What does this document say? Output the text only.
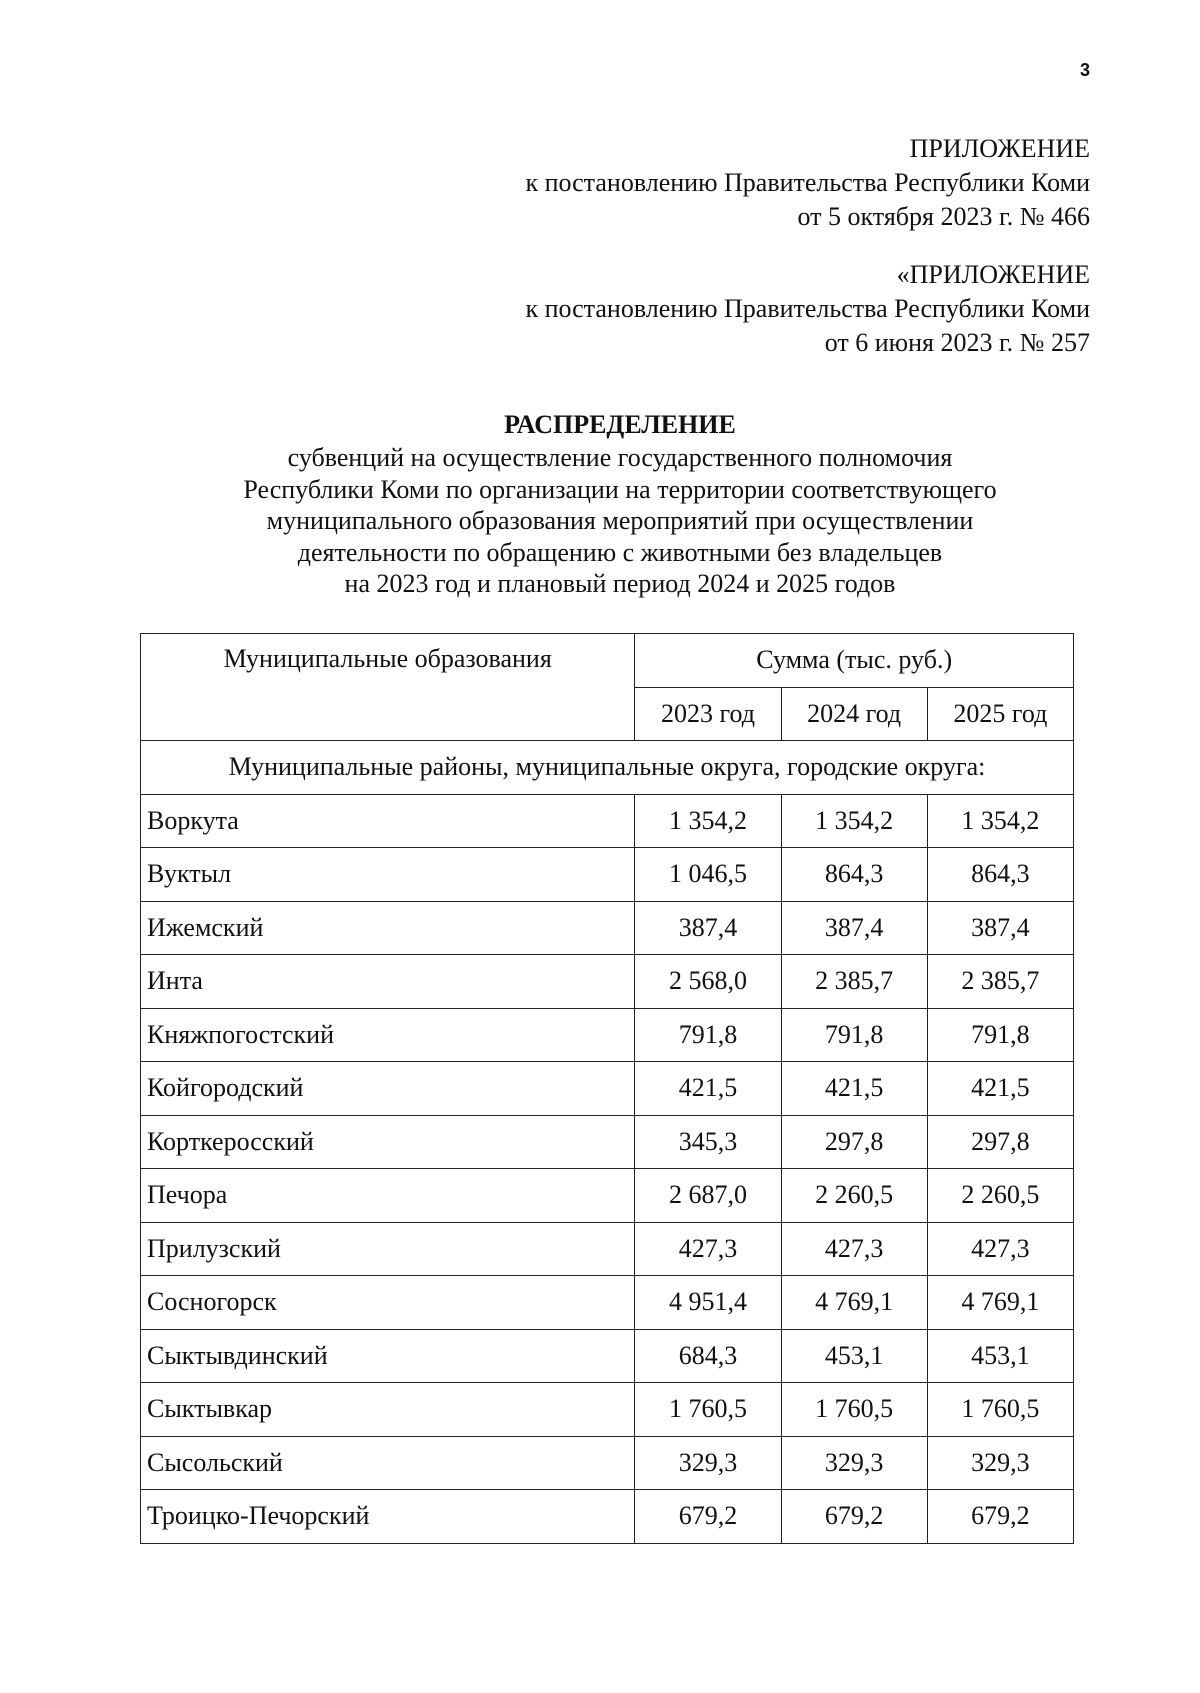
3
ПРИЛОЖЕНИЕ
к постановлению Правительства Республики Коми
от 5 октября 2023 г. № 466
«ПРИЛОЖЕНИЕ
к постановлению Правительства Республики Коми
от 6 июня 2023 г. № 257
РАСПРЕДЕЛЕНИЕ
субвенций на осуществление государственного полномочия
Республики Коми по организации на территории соответствующего
муниципального образования мероприятий при осуществлении
деятельности по обращению с животными без владельцев
на 2023 год и плановый период 2024 и 2025 годов
Муниципальные образования	Сумма (тыс. руб.)		
	2023 год	2024 год	2025 год
Муниципальные районы, муниципальные округа, городские округа:			
Воркута	1 354,2	1 354,2	1 354,2
Вуктыл	1 046,5	864,3	864,3
Ижемский	387,4	387,4	387,4
Инта	2 568,0	2 385,7	2 385,7
Княжпогостский	791,8	791,8	791,8
Койгородский	421,5	421,5	421,5
Корткеросский	345,3	297,8	297,8
Печора	2 687,0	2 260,5	2 260,5
Прилузский	427,3	427,3	427,3
Сосногорск	4 951,4	4 769,1	4 769,1
Сыктывдинский	684,3	453,1	453,1
Сыктывкар	1 760,5	1 760,5	1 760,5
Сысольский	329,3	329,3	329,3
Троицко-Печорский	679,2	679,2	679,2
